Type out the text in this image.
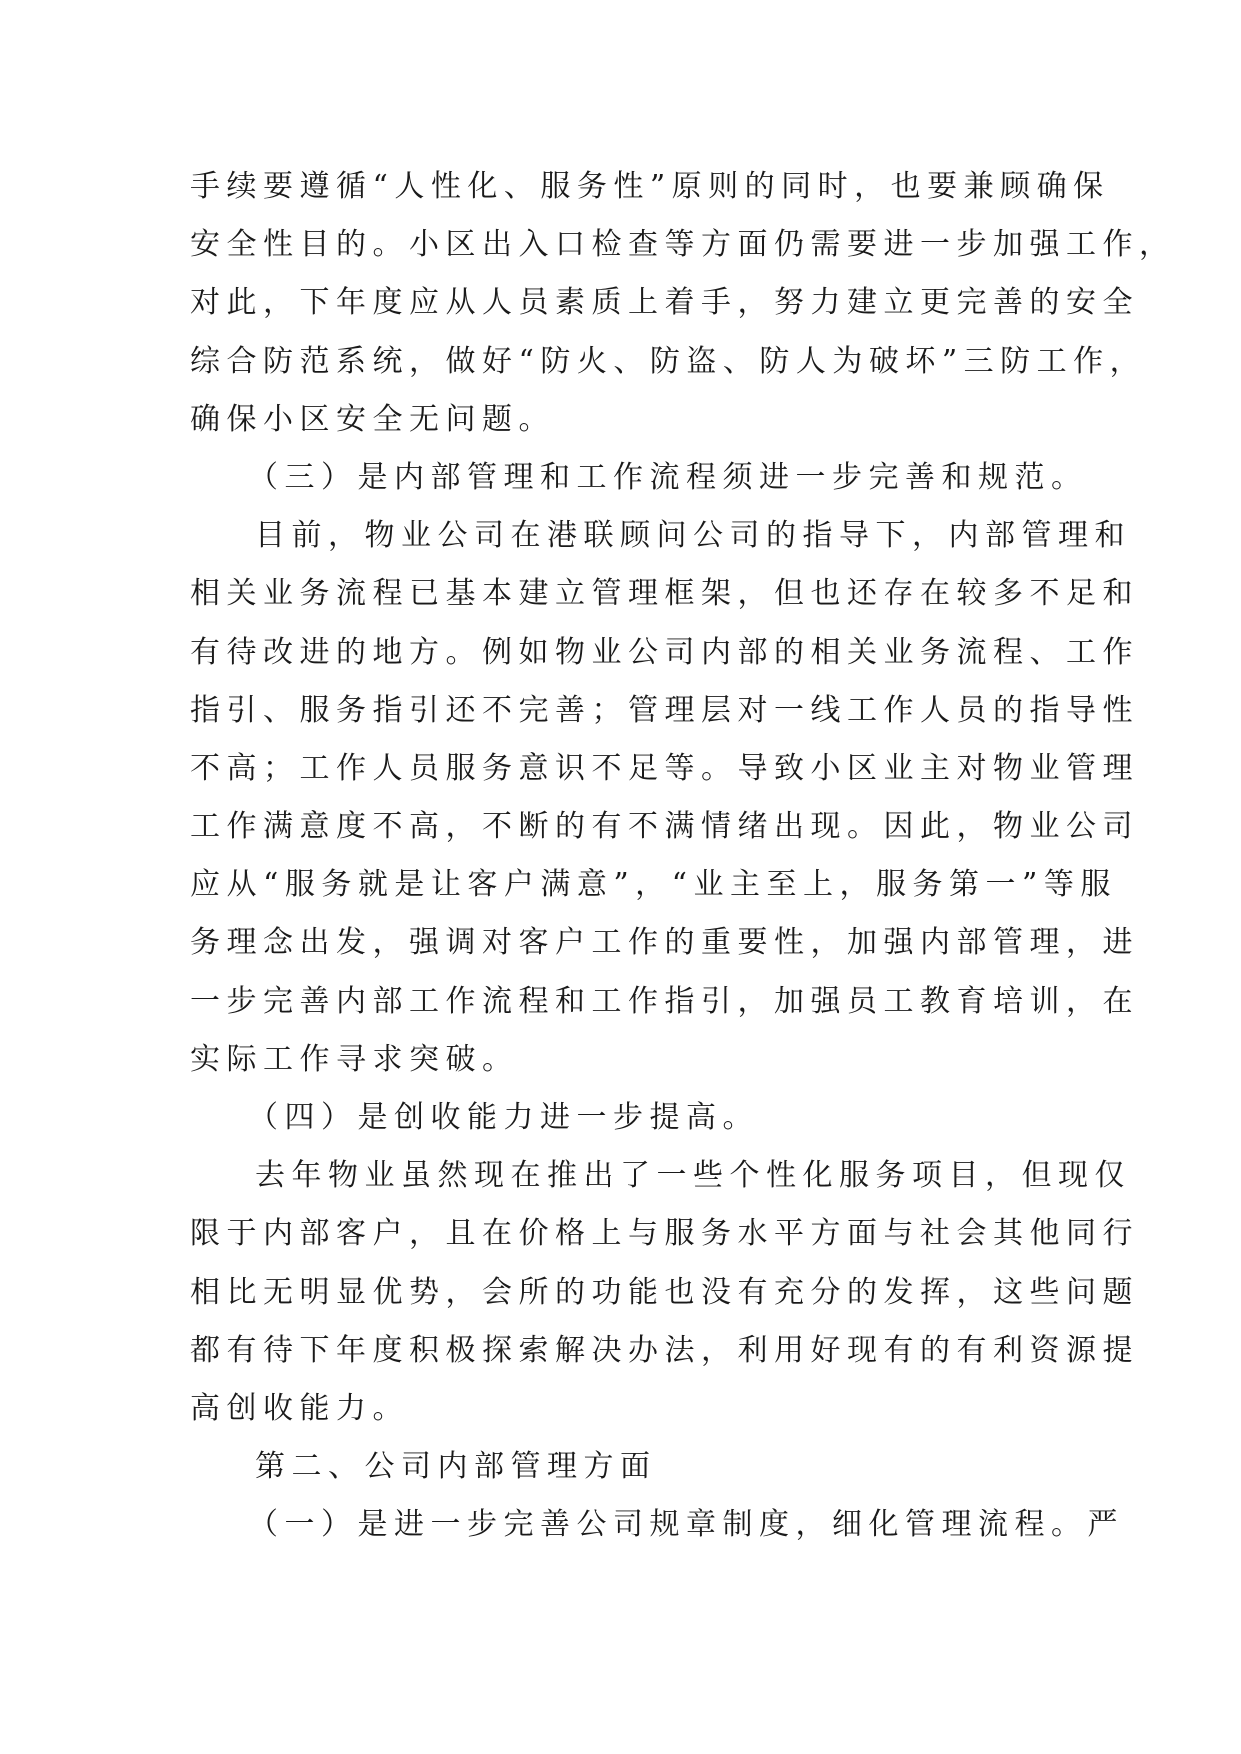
手续要遵循“人性化、服务性”原则的同时，也要兼顾确保
安全性目的。小区出入口检查等方面仍需要进一步加强工作，
对此，下年度应从人员素质上着手，努力建立更完善的安全
综合防范系统，做好“防火、防盗、防人为破坏”三防工作，
确保小区安全无问题。
（三）是内部管理和工作流程须进一步完善和规范。
目前，物业公司在港联顾问公司的指导下，内部管理和
相关业务流程已基本建立管理框架，但也还存在较多不足和
有待改进的地方。例如物业公司内部的相关业务流程、工作
指引、服务指引还不完善；管理层对一线工作人员的指导性
不高；工作人员服务意识不足等。导致小区业主对物业管理
工作满意度不高，不断的有不满情绪出现。因此，物业公司
应从“服务就是让客户满意”，“业主至上，服务第一”等服
务理念出发，强调对客户工作的重要性，加强内部管理，进
一步完善内部工作流程和工作指引，加强员工教育培训，在
实际工作寻求突破。
（四）是创收能力进一步提高。
去年物业虽然现在推出了一些个性化服务项目，但现仅
限于内部客户，且在价格上与服务水平方面与社会其他同行
相比无明显优势，会所的功能也没有充分的发挥，这些问题
都有待下年度积极探索解决办法，利用好现有的有利资源提
高创收能力。
第二、公司内部管理方面
（一）是进一步完善公司规章制度，细化管理流程。严
